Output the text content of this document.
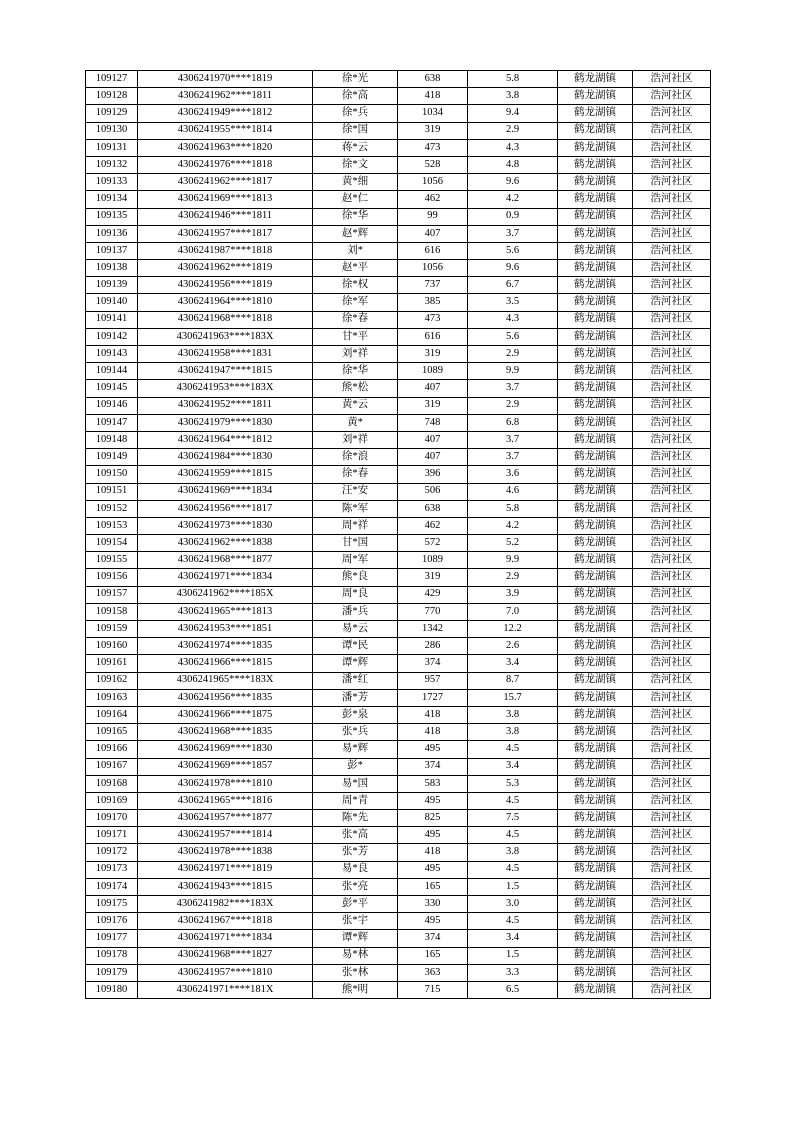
109127	4306241970****1819	徐*光	638	5.8	鹤龙湖镇	浩河社区
109128	4306241962****1811	徐*高	418	3.8	鹤龙湖镇	浩河社区
109129	4306241949****1812	徐*兵	1034	9.4	鹤龙湖镇	浩河社区
109130	4306241955****1814	徐*国	319	2.9	鹤龙湖镇	浩河社区
109131	4306241963****1820	蒋*云	473	4.3	鹤龙湖镇	浩河社区
109132	4306241976****1818	徐*文	528	4.8	鹤龙湖镇	浩河社区
109133	4306241962****1817	黄*细	1056	9.6	鹤龙湖镇	浩河社区
109134	4306241969****1813	赵*仁	462	4.2	鹤龙湖镇	浩河社区
109135	4306241946****1811	徐*华	99	0.9	鹤龙湖镇	浩河社区
109136	4306241957****1817	赵*辉	407	3.7	鹤龙湖镇	浩河社区
109137	4306241987****1818	刘*	616	5.6	鹤龙湖镇	浩河社区
109138	4306241962****1819	赵*平	1056	9.6	鹤龙湖镇	浩河社区
109139	4306241956****1819	徐*权	737	6.7	鹤龙湖镇	浩河社区
109140	4306241964****1810	徐*军	385	3.5	鹤龙湖镇	浩河社区
109141	4306241968****1818	徐*春	473	4.3	鹤龙湖镇	浩河社区
109142	4306241963****183X	甘*平	616	5.6	鹤龙湖镇	浩河社区
109143	4306241958****1831	刘*祥	319	2.9	鹤龙湖镇	浩河社区
109144	4306241947****1815	徐*华	1089	9.9	鹤龙湖镇	浩河社区
109145	4306241953****183X	熊*松	407	3.7	鹤龙湖镇	浩河社区
109146	4306241952****1811	黄*云	319	2.9	鹤龙湖镇	浩河社区
109147	4306241979****1830	黄*	748	6.8	鹤龙湖镇	浩河社区
109148	4306241964****1812	刘*祥	407	3.7	鹤龙湖镇	浩河社区
109149	4306241984****1830	徐*浪	407	3.7	鹤龙湖镇	浩河社区
109150	4306241959****1815	徐*春	396	3.6	鹤龙湖镇	浩河社区
109151	4306241969****1834	汪*安	506	4.6	鹤龙湖镇	浩河社区
109152	4306241956****1817	陈*军	638	5.8	鹤龙湖镇	浩河社区
109153	4306241973****1830	周*祥	462	4.2	鹤龙湖镇	浩河社区
109154	4306241962****1838	甘*国	572	5.2	鹤龙湖镇	浩河社区
109155	4306241968****1877	周*军	1089	9.9	鹤龙湖镇	浩河社区
109156	4306241971****1834	熊*良	319	2.9	鹤龙湖镇	浩河社区
109157	4306241962****185X	周*良	429	3.9	鹤龙湖镇	浩河社区
109158	4306241965****1813	潘*兵	770	7.0	鹤龙湖镇	浩河社区
109159	4306241953****1851	易*云	1342	12.2	鹤龙湖镇	浩河社区
109160	4306241974****1835	谭*民	286	2.6	鹤龙湖镇	浩河社区
109161	4306241966****1815	谭*辉	374	3.4	鹤龙湖镇	浩河社区
109162	4306241965****183X	潘*红	957	8.7	鹤龙湖镇	浩河社区
109163	4306241956****1835	潘*芳	1727	15.7	鹤龙湖镇	浩河社区
109164	4306241966****1875	彭*泉	418	3.8	鹤龙湖镇	浩河社区
109165	4306241968****1835	张*兵	418	3.8	鹤龙湖镇	浩河社区
109166	4306241969****1830	易*辉	495	4.5	鹤龙湖镇	浩河社区
109167	4306241969****1857	彭*	374	3.4	鹤龙湖镇	浩河社区
109168	4306241978****1810	易*国	583	5.3	鹤龙湖镇	浩河社区
109169	4306241965****1816	周*青	495	4.5	鹤龙湖镇	浩河社区
109170	4306241957****1877	陈*先	825	7.5	鹤龙湖镇	浩河社区
109171	4306241957****1814	张*高	495	4.5	鹤龙湖镇	浩河社区
109172	4306241978****1838	张*芳	418	3.8	鹤龙湖镇	浩河社区
109173	4306241971****1819	易*良	495	4.5	鹤龙湖镇	浩河社区
109174	4306241943****1815	张*亮	165	1.5	鹤龙湖镇	浩河社区
109175	4306241982****183X	彭*平	330	3.0	鹤龙湖镇	浩河社区
109176	4306241967****1818	张*宇	495	4.5	鹤龙湖镇	浩河社区
109177	4306241971****1834	谭*辉	374	3.4	鹤龙湖镇	浩河社区
109178	4306241968****1827	易*林	165	1.5	鹤龙湖镇	浩河社区
109179	4306241957****1810	张*林	363	3.3	鹤龙湖镇	浩河社区
109180	4306241971****181X	熊*明	715	6.5	鹤龙湖镇	浩河社区
